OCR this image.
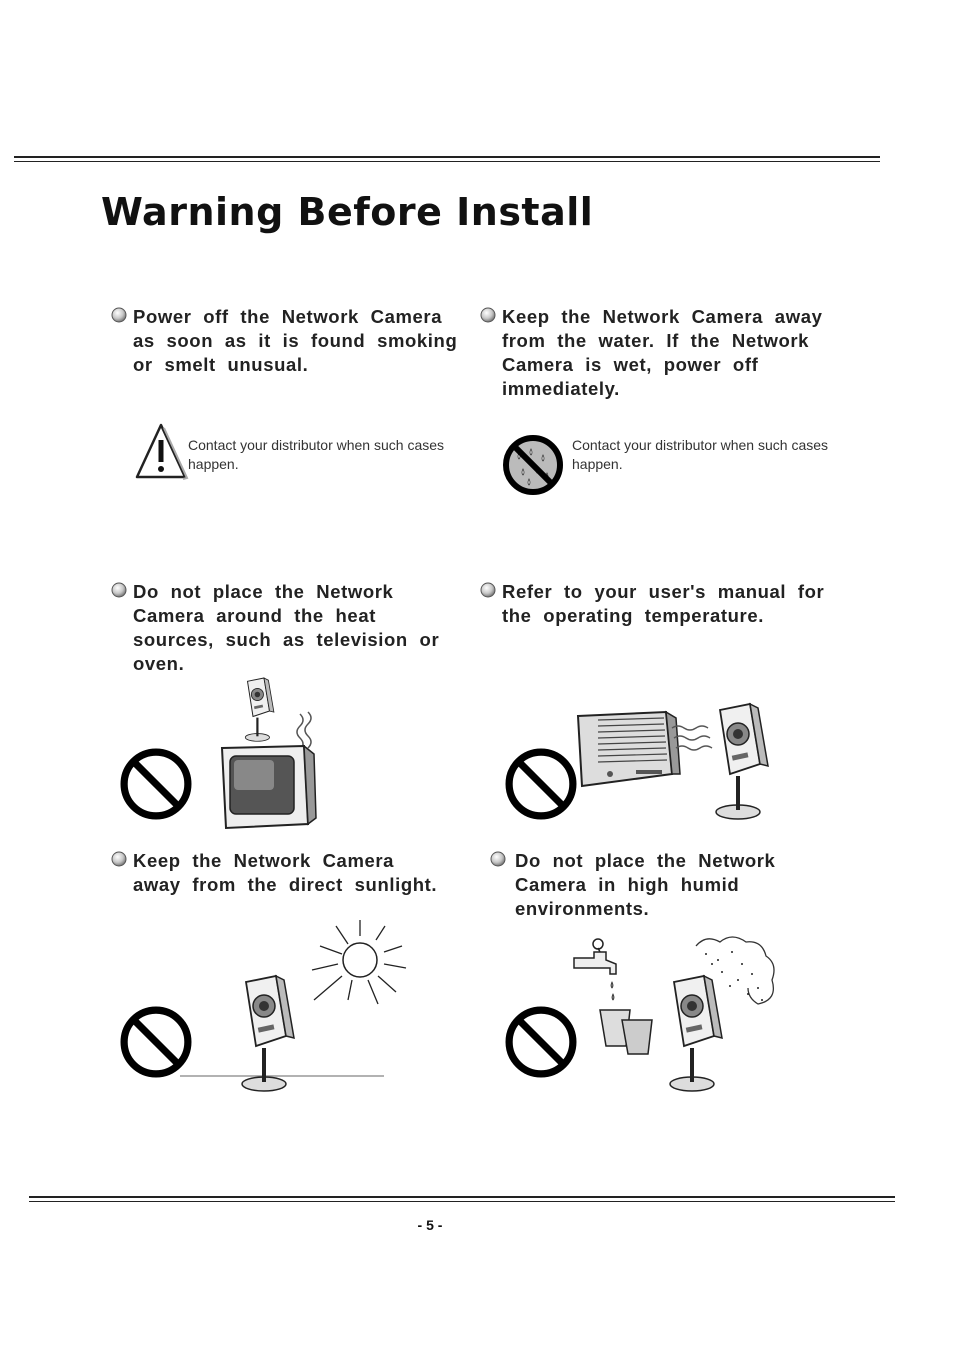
Warning Before Install

Power off the Network Camera as soon as it is found smoking or smelt unusual.

Contact your distributor when such cases happen.

Keep the Network Camera away from the water. If the Network Camera is wet, power off immediately.

Contact your distributor when such cases happen.

Do not place the Network Camera around the heat sources, such as television or oven.

Refer to your user's manual for the operating temperature.

Keep the Network Camera away from the direct sunlight.

Do not place the Network Camera in high humid environments.

- 5 -
